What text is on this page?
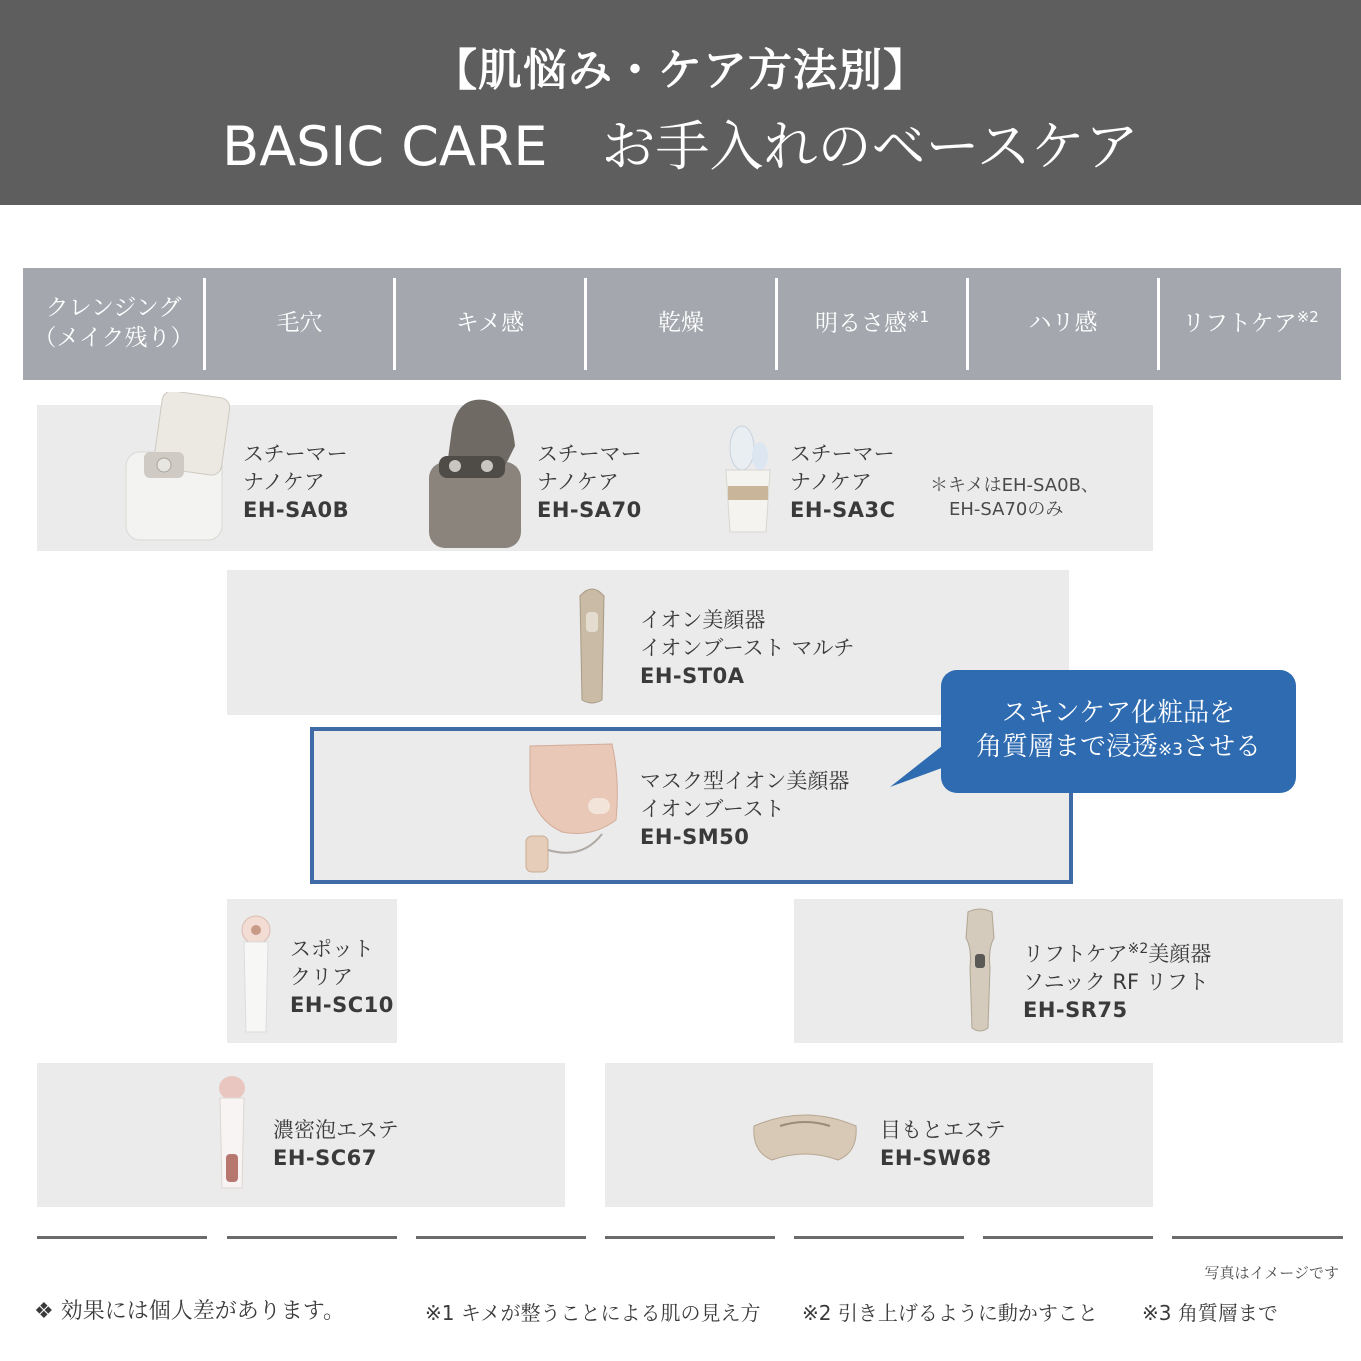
【肌悩み・ケア方法別】
BASIC CARE　お手入れのベースケア
クレンジング
（メイク残り）
毛穴	キメ感	乾燥	明るさ感$^{※1}$	ハリ感	リフトケア$^{※2}$
スチーマー
ナノケア
EH-SA0B
スチーマー
ナノケア
EH-SA70
スチーマー
ナノケア
EH-SA3C
＊キメはEH-SA0B、
EH-SA70のみ
イオン美顔器
イオンブースト マルチ
EH-ST0A
マスク型イオン美顔器
イオンブースト
EH-SM50
スキンケア化粧品を
角質層まで浸透※3させる
スポット
クリア
EH-SC10
リフトケア$^{※2}$美顔器
ソニック RF リフト
EH-SR75
濃密泡エステ
EH-SC67
目もとエステ
EH-SW68
写真はイメージです
❖ 効果には個人差があります。	※1 キメが整うことによる肌の見え方 ※2 引き上げるように動かすこと ※3 角質層まで
